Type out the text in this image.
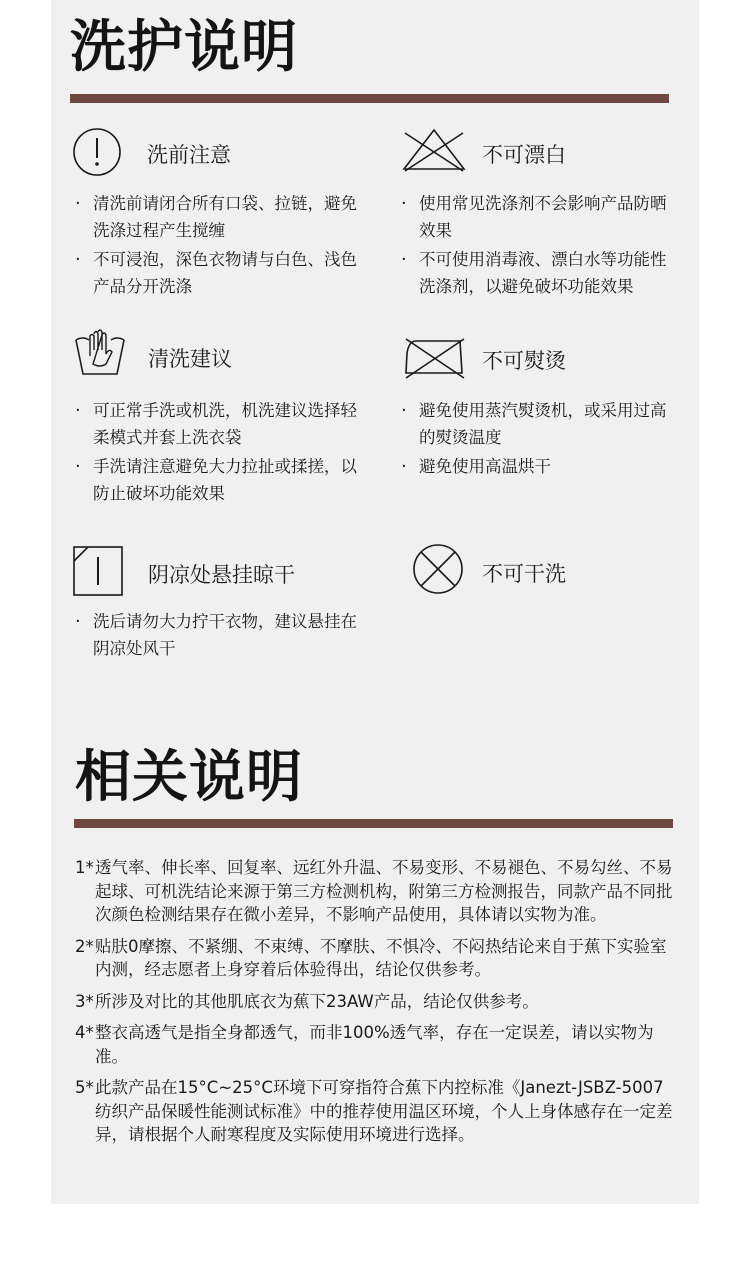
洗护说明
洗前注意
· 清洗前请闭合所有口袋、拉链，避免洗涤过程产生搅缠
· 不可浸泡，深色衣物请与白色、浅色产品分开洗涤
不可漂白
· 使用常见洗涤剂不会影响产品防晒效果
· 不可使用消毒液、漂白水等功能性洗涤剂，以避免破坏功能效果
清洗建议
· 可正常手洗或机洗，机洗建议选择轻柔模式并套上洗衣袋
· 手洗请注意避免大力拉扯或揉搓，以防止破坏功能效果
不可熨烫
· 避免使用蒸汽熨烫机，或采用过高的熨烫温度
· 避免使用高温烘干
阴凉处悬挂晾干
· 洗后请勿大力拧干衣物，建议悬挂在阴凉处风干
不可干洗
相关说明
1* 透气率、伸长率、回复率、远红外升温、不易变形、不易褪色、不易勾丝、不易起球、可机洗结论来源于第三方检测机构，附第三方检测报告，同款产品不同批次颜色检测结果存在微小差异，不影响产品使用，具体请以实物为准。
2* 贴肤0摩擦、不紧绷、不束缚、不摩肤、不惧冷、不闷热结论来自于蕉下实验室内测，经志愿者上身穿着后体验得出，结论仅供参考。
3* 所涉及对比的其他肌底衣为蕉下23AW产品，结论仅供参考。
4* 整衣高透气是指全身都透气，而非100%透气率，存在一定误差，请以实物为准。
5* 此款产品在15°C~25°C环境下可穿指符合蕉下内控标准《Janezt-JSBZ-5007纺织产品保暖性能测试标准》中的推荐使用温区环境，个人上身体感存在一定差异，请根据个人耐寒程度及实际使用环境进行选择。
